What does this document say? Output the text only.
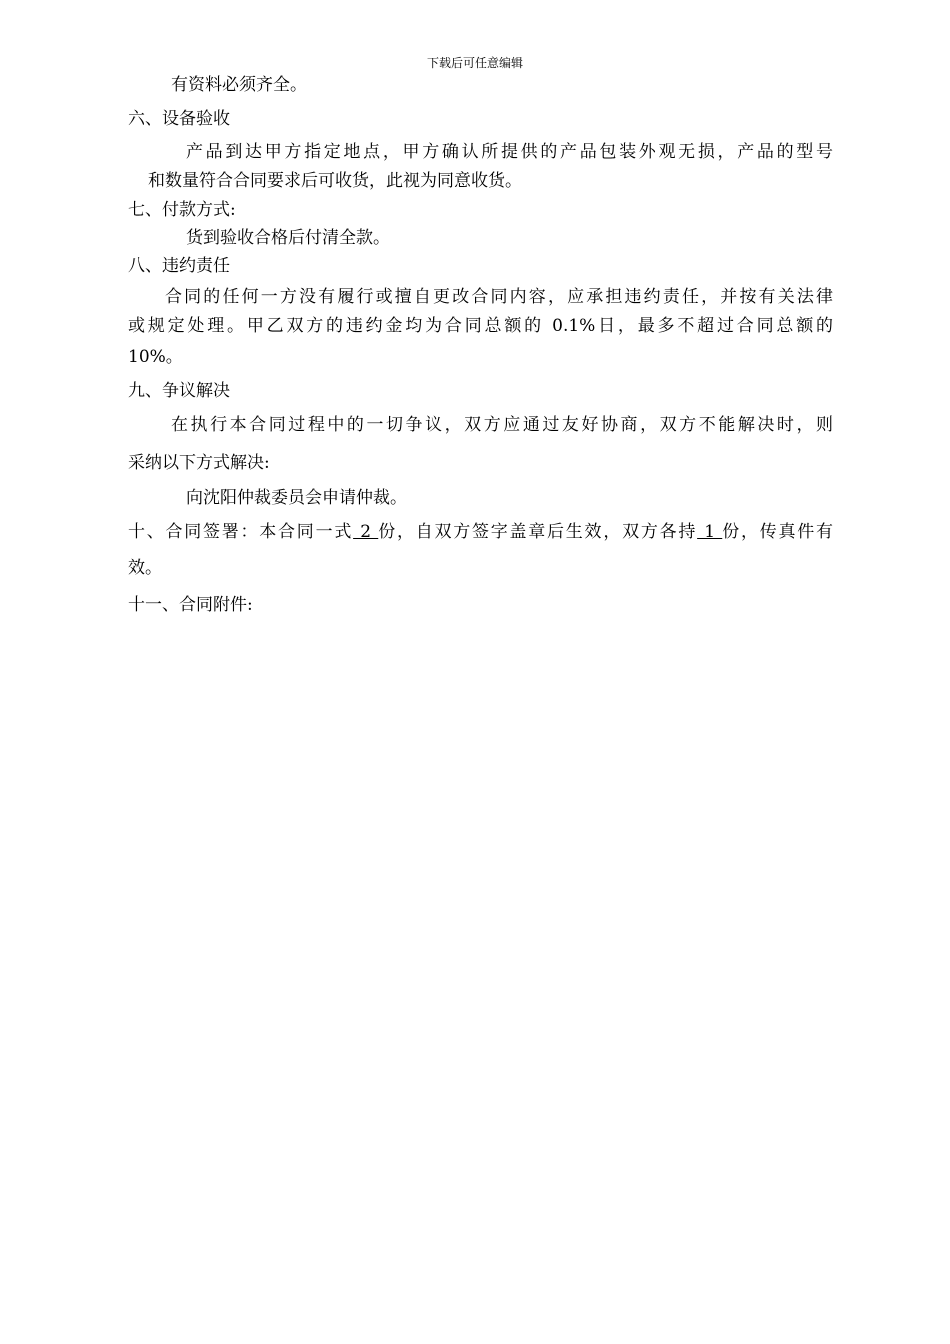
下载后可任意编辑
有资料必须齐全。
六、设备验收
产品到达甲方指定地点，甲方确认所提供的产品包装外观无损，产品的型号
和数量符合合同要求后可收货，此视为同意收货。
七、付款方式:
货到验收合格后付清全款。
八、违约责任
合同的任何一方没有履行或擅自更改合同内容，应承担违约责任，并按有关法律
或规定处理。甲乙双方的违约金均为合同总额的 0.1%日，最多不超过合同总额的
10%。
九、争议解决
在执行本合同过程中的一切争议，双方应通过友好协商，双方不能解决时，则
采纳以下方式解决:
向沈阳仲裁委员会申请仲裁。
十、合同签署：本合同一式 2 份，自双方签字盖章后生效，双方各持 1 份，传真件有
效。
十一、合同附件:
